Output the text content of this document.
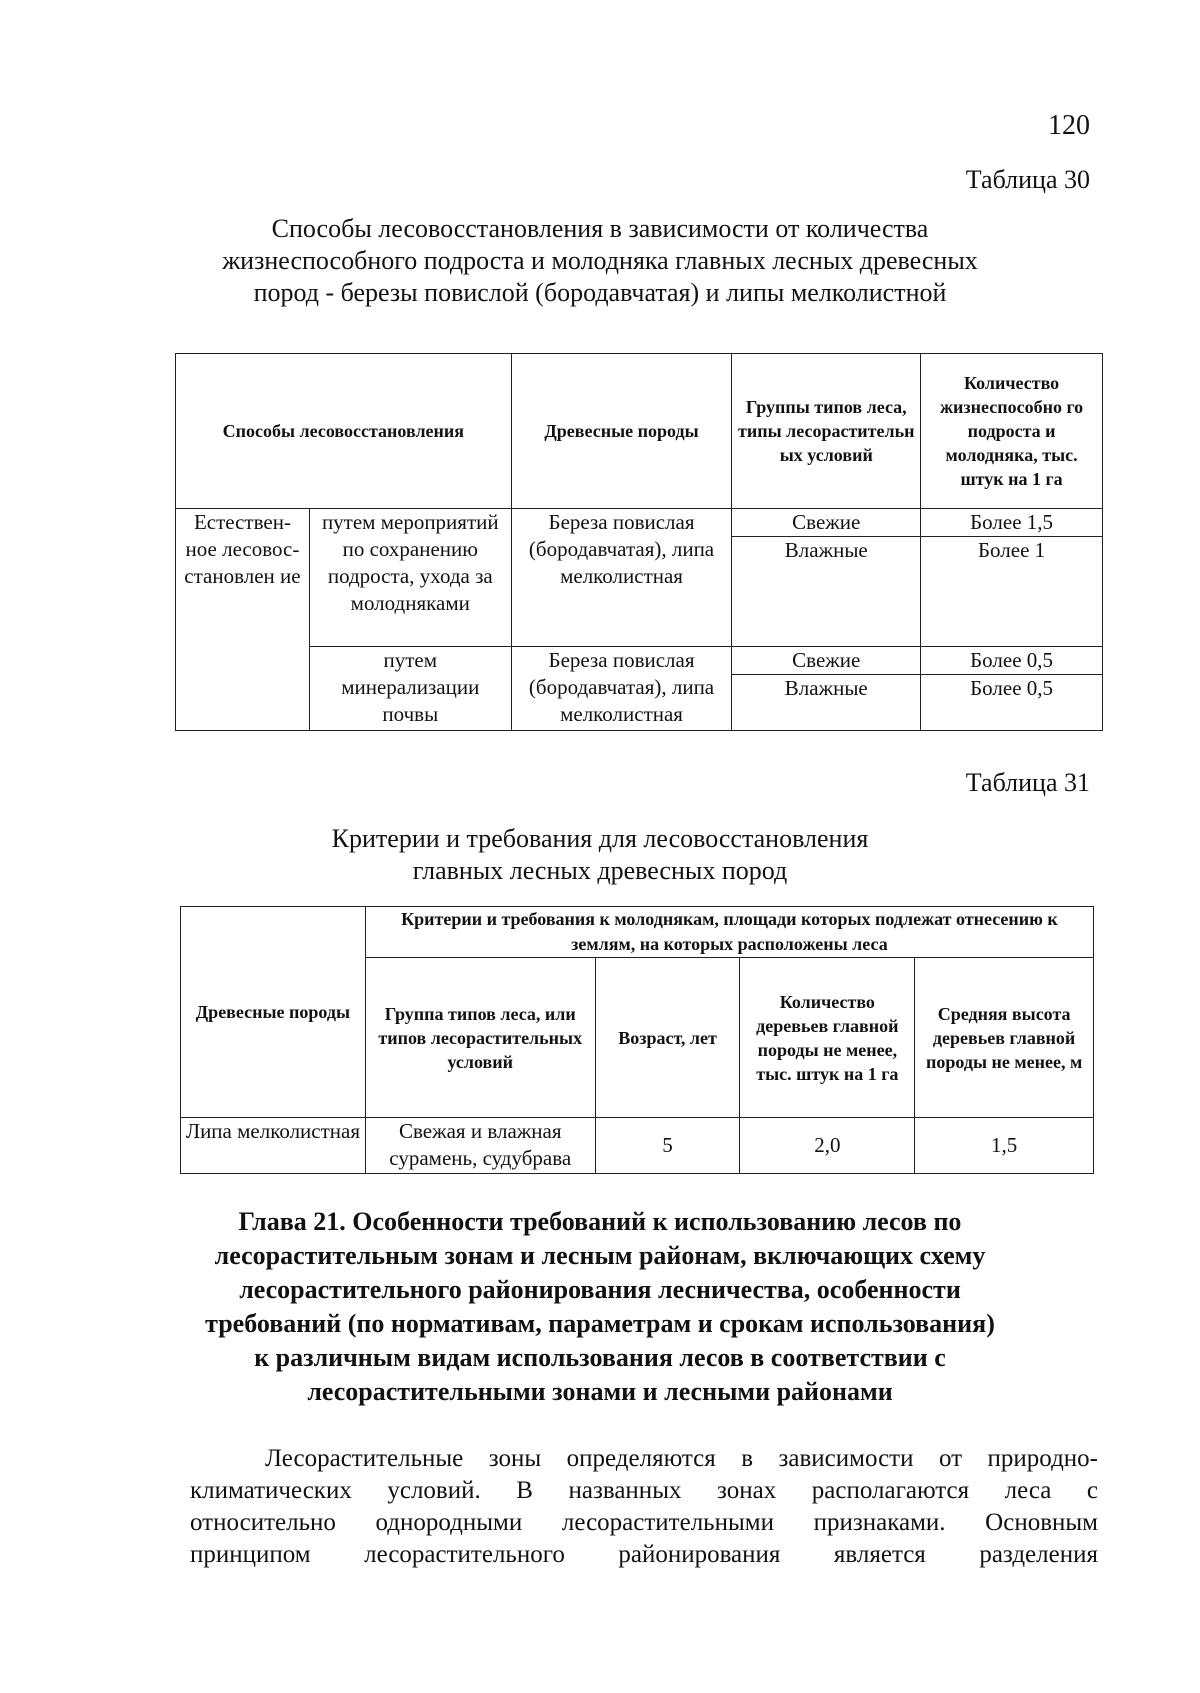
120
Таблица 30
Способы лесовосстановления в зависимости от количества
жизнеспособного подроста и молодняка главных лесных древесных
пород - березы повислой (бородавчатая) и липы мелколистной
Способы лесовосстановления		Древесные породы	Группы типов леса, типы лесорастительн ых условий	Количество жизнеспособно го подроста и молодняка, тыс. штук на 1 га
Естествен-ное лесовос-становлен ие	путем мероприятий по сохранению подроста, ухода за молодняками	Береза повислая (бородавчатая), липа мелколистная	Свежие	Более 1,5
			Влажные	Более 1
	путем минерализации почвы	Береза повислая (бородавчатая), липа мелколистная	Свежие	Более 0,5
			Влажные	Более 0,5
Таблица 31
Критерии и требования для лесовосстановления
главных лесных древесных пород
Древесные породы	Критерии и требования к молоднякам, площади которых подлежат отнесению к землям, на которых расположены леса			
	Группа типов леса, или типов лесорастительных условий	Возраст, лет	Количество деревьев главной породы не менее, тыс. штук на 1 га	Средняя высота деревьев главной породы не менее, м
Липа мелколистная	Свежая и влажная сурамень, судубрава	5	2,0	1,5
Глава 21. Особенности требований к использованию лесов по
лесорастительным зонам и лесным районам, включающих схему
лесорастительного районирования лесничества, особенности
требований (по нормативам, параметрам и срокам использования)
к различным видам использования лесов в соответствии с
лесорастительными зонами и лесными районами
Лесорастительные зоны определяются в зависимости от природно-
климатических условий. В названных зонах располагаются леса с
относительно однородными лесорастительными признаками. Основным
принципом лесорастительного районирования является разделения
